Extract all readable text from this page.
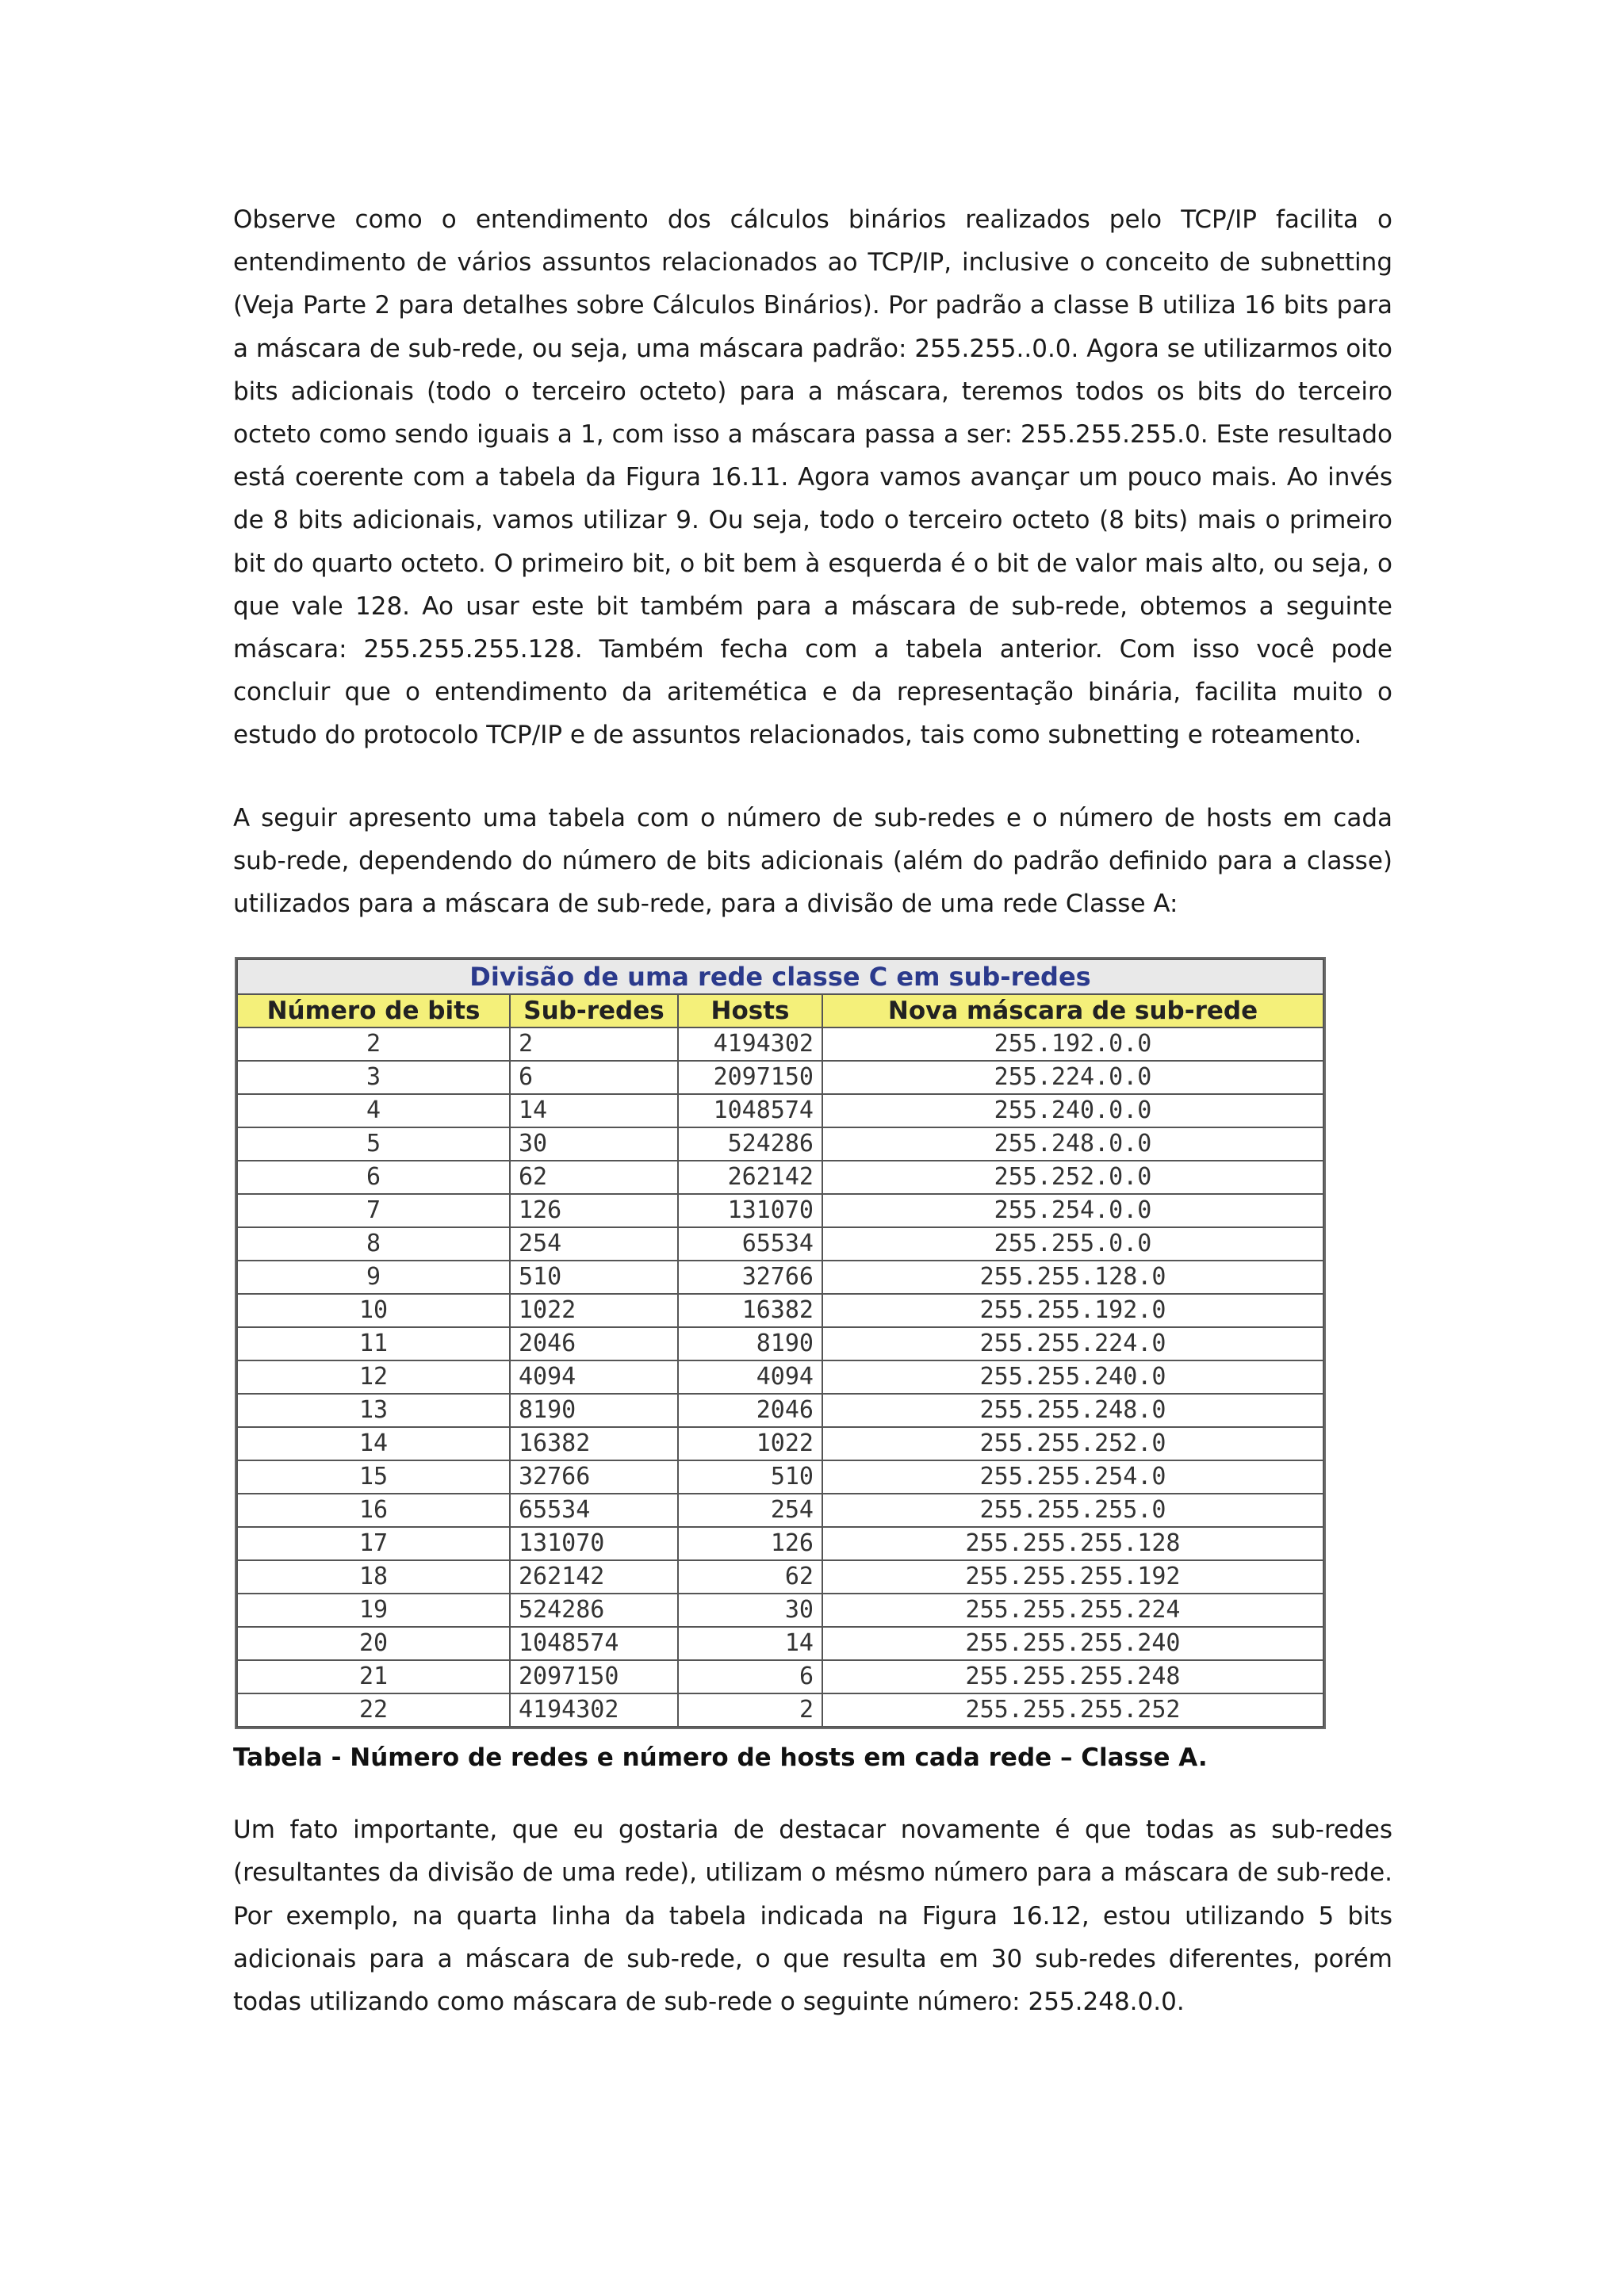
Observe como o entendimento dos cálculos binários realizados pelo TCP/IP facilita o entendimento de vários assuntos relacionados ao TCP/IP, inclusive o conceito de subnetting (Veja Parte 2 para detalhes sobre Cálculos Binários). Por padrão a classe B utiliza 16 bits para a máscara de sub-rede, ou seja, uma máscara padrão: 255.255..0.0. Agora se utilizarmos oito bits adicionais (todo o terceiro octeto) para a máscara, teremos todos os bits do terceiro octeto como sendo iguais a 1, com isso a máscara passa a ser: 255.255.255.0. Este resultado está coerente com a tabela da Figura 16.11. Agora vamos avançar um pouco mais. Ao invés de 8 bits adicionais, vamos utilizar 9. Ou seja, todo o terceiro octeto (8 bits) mais o primeiro bit do quarto octeto. O primeiro bit, o bit bem à esquerda é o bit de valor mais alto, ou seja, o que vale 128. Ao usar este bit também para a máscara de sub-rede, obtemos a seguinte máscara: 255.255.255.128. Também fecha com a tabela anterior. Com isso você pode concluir que o entendimento da aritemética e da representação binária, facilita muito o estudo do protocolo TCP/IP e de assuntos relacionados, tais como subnetting e roteamento.

A seguir apresento uma tabela com o número de sub-redes e o número de hosts em cada sub-rede, dependendo do número de bits adicionais (além do padrão definido para a classe) utilizados para a máscara de sub-rede, para a divisão de uma rede Classe A:

Divisão de uma rede classe C em sub-redes
Número de bits	Sub-redes	Hosts	Nova máscara de sub-rede
2	2	4194302	255.192.0.0
3	6	2097150	255.224.0.0
4	14	1048574	255.240.0.0
5	30	524286	255.248.0.0
6	62	262142	255.252.0.0
7	126	131070	255.254.0.0
8	254	65534	255.255.0.0
9	510	32766	255.255.128.0
10	1022	16382	255.255.192.0
11	2046	8190	255.255.224.0
12	4094	4094	255.255.240.0
13	8190	2046	255.255.248.0
14	16382	1022	255.255.252.0
15	32766	510	255.255.254.0
16	65534	254	255.255.255.0
17	131070	126	255.255.255.128
18	262142	62	255.255.255.192
19	524286	30	255.255.255.224
20	1048574	14	255.255.255.240
21	2097150	6	255.255.255.248
22	4194302	2	255.255.255.252

Tabela - Número de redes e número de hosts em cada rede – Classe A.

Um fato importante, que eu gostaria de destacar novamente é que todas as sub-redes (resultantes da divisão de uma rede), utilizam o mésmo número para a máscara de sub-rede. Por exemplo, na quarta linha da tabela indicada na Figura 16.12, estou utilizando 5 bits adicionais para a máscara de sub-rede, o que resulta em 30 sub-redes diferentes, porém todas utilizando como máscara de sub-rede o seguinte número: 255.248.0.0.
